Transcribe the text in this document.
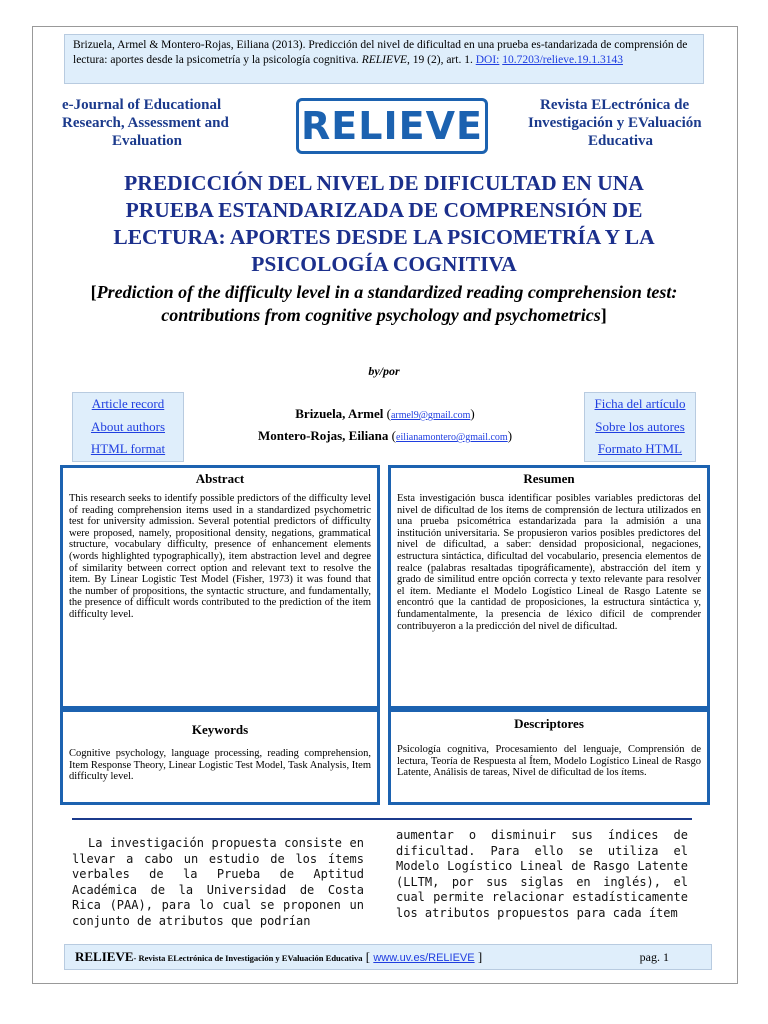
Brizuela, Armel & Montero-Rojas, Eiliana (2013). Predicción del nivel de dificultad en una prueba es-tandarizada de comprensión de lectura: aportes desde la psicometría y la psicología cognitiva. RELIEVE, 19 (2), art. 1. DOI: 10.7203/relieve.19.1.3143
e-Journal of Educational
Research, Assessment and
Evaluation	RELIEVE	Revista ELectrónica de
Investigación y EValuación
Educativa
PREDICCIÓN DEL NIVEL DE DIFICULTAD EN UNA PRUEBA ESTANDARIZADA DE COMPRENSIÓN DE LECTURA: APORTES DESDE LA PSICOMETRÍA Y LA PSICOLOGÍA COGNITIVA
[Prediction of the difficulty level in a standardized reading comprehension test: contributions from cognitive psychology and psychometrics]
by/por
Article record
About authors
HTML format
Brizuela, Armel (armel9@gmail.com)
Montero-Rojas, Eiliana (eilianamontero@gmail.com)
Ficha del artículo
Sobre los autores
Formato HTML
Abstract

This research seeks to identify possible predictors of the difficulty level of reading comprehension items used in a standardized psychometric test for university admission. Several potential predictors of difficulty were proposed, namely, propositional density, negations, grammatical structure, vocabulary difficulty, presence of enhancement elements (words highlighted typographically), item abstraction level and degree of similarity between correct option and relevant text to resolve the item. By Linear Logistic Test Model (Fisher, 1973) it was found that the number of propositions, the syntactic structure, and fundamentally, the presence of difficult words contributed to the prediction of the item difficulty level.

Resumen

Esta investigación busca identificar posibles variables predictoras del nivel de dificultad de los ítems de comprensión de lectura utilizados en una prueba psicométrica estandarizada para la admisión a una institución universitaria. Se propusieron varios posibles predictores del nivel de dificultad, a saber: densidad proposicional, negaciones, estructura sintáctica, dificultad del vocabulario, presencia elementos de realce (palabras resaltadas tipográficamente), abstracción del ítem y grado de similitud entre opción correcta y texto relevante para resolver el ítem. Mediante el Modelo Logístico Lineal de Rasgo Latente se encontró que la cantidad de proposiciones, la estructura sintáctica y, fundamentalmente, la presencia de léxico difícil de comprender contribuyeron a la predicción del nivel de dificultad.

Keywords

Cognitive psychology, language processing, reading comprehension, Item Response Theory, Linear Logistic Test Model, Task Analysis, Item difficulty level.

Descriptores

Psicología cognitiva, Procesamiento del lenguaje, Comprensión de lectura, Teoría de Respuesta al Ítem, Modelo Logístico Lineal de Rasgo Latente, Análisis de tareas, Nivel de dificultad de los ítems.

La investigación propuesta consiste en llevar a cabo un estudio de los ítems verbales de la Prueba de Aptitud Académica de la Universidad de Costa Rica (PAA), para lo cual se proponen un conjunto de atributos que podrían
aumentar o disminuir sus índices de dificultad. Para ello se utiliza el Modelo Logístico Lineal de Rasgo Latente (LLTM, por sus siglas en inglés), el cual permite relacionar estadísticamente los atributos propuestos para cada ítem
RELIEVE- Revista ELectrónica de Investigación y EValuación Educativa [ www.uv.es/RELIEVE ]	pag. 1
